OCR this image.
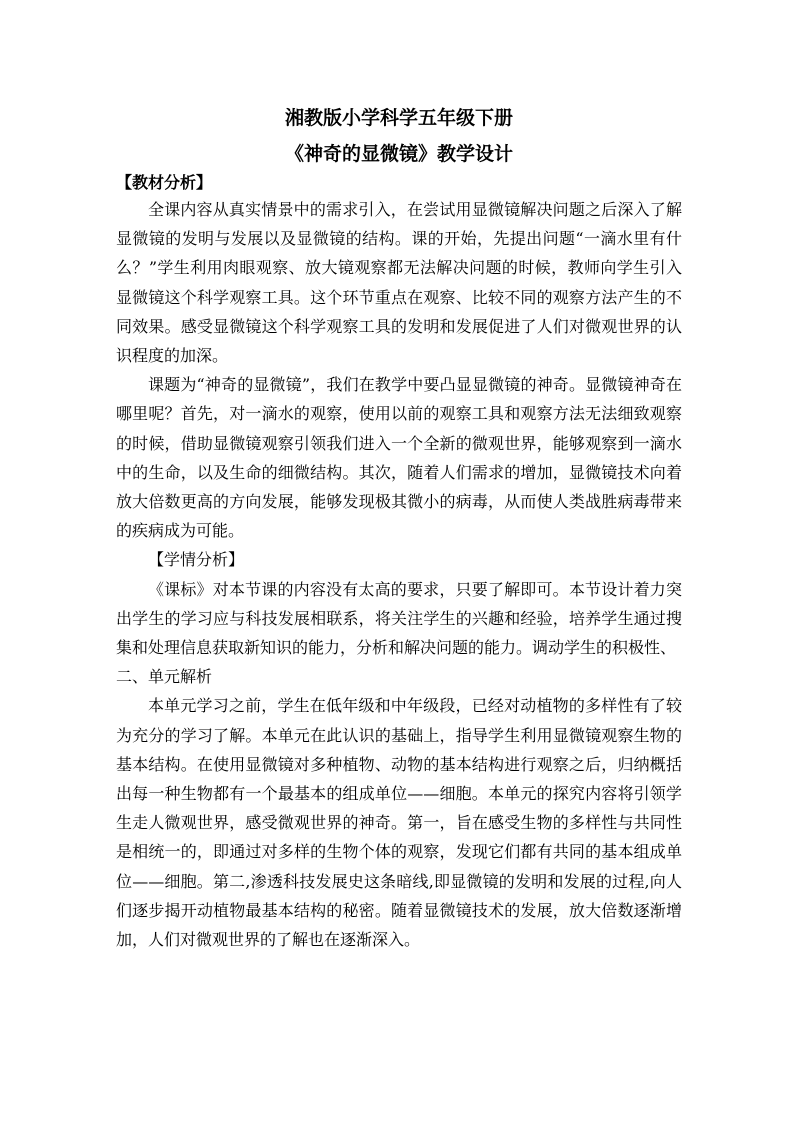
湘教版小学科学五年级下册

《神奇的显微镜》教学设计

【教材分析】

全课内容从真实情景中的需求引入，在尝试用显微镜解决问题之后深入了解显微镜的发明与发展以及显微镜的结构。课的开始，先提出问题“一滴水里有什么？”学生利用肉眼观察、放大镜观察都无法解决问题的时候，教师向学生引入显微镜这个科学观察工具。这个环节重点在观察、比较不同的观察方法产生的不同效果。感受显微镜这个科学观察工具的发明和发展促进了人们对微观世界的认识程度的加深。

课题为“神奇的显微镜”，我们在教学中要凸显显微镜的神奇。显微镜神奇在哪里呢？首先，对一滴水的观察，使用以前的观察工具和观察方法无法细致观察的时候，借助显微镜观察引领我们进入一个全新的微观世界，能够观察到一滴水中的生命，以及生命的细微结构。其次，随着人们需求的增加，显微镜技术向着放大倍数更高的方向发展，能够发现极其微小的病毒，从而使人类战胜病毒带来的疾病成为可能。

【学情分析】

《课标》对本节课的内容没有太高的要求，只要了解即可。本节设计着力突出学生的学习应与科技发展相联系，将关注学生的兴趣和经验，培养学生通过搜集和处理信息获取新知识的能力，分析和解决问题的能力。调动学生的积极性、

二、单元解析

本单元学习之前，学生在低年级和中年级段，已经对动植物的多样性有了较为充分的学习了解。本单元在此认识的基础上，指导学生利用显微镜观察生物的基本结构。在使用显微镜对多种植物、动物的基本结构进行观察之后，归纳概括出每一种生物都有一个最基本的组成单位——细胞。本单元的探究内容将引领学生走人微观世界，感受微观世界的神奇。第一，旨在感受生物的多样性与共同性是相统一的，即通过对多样的生物个体的观察，发现它们都有共同的基本组成单位——细胞。第二,渗透科技发展史这条暗线,即显微镜的发明和发展的过程,向人们逐步揭开动植物最基本结构的秘密。随着显微镜技术的发展，放大倍数逐渐增加，人们对微观世界的了解也在逐渐深入。
